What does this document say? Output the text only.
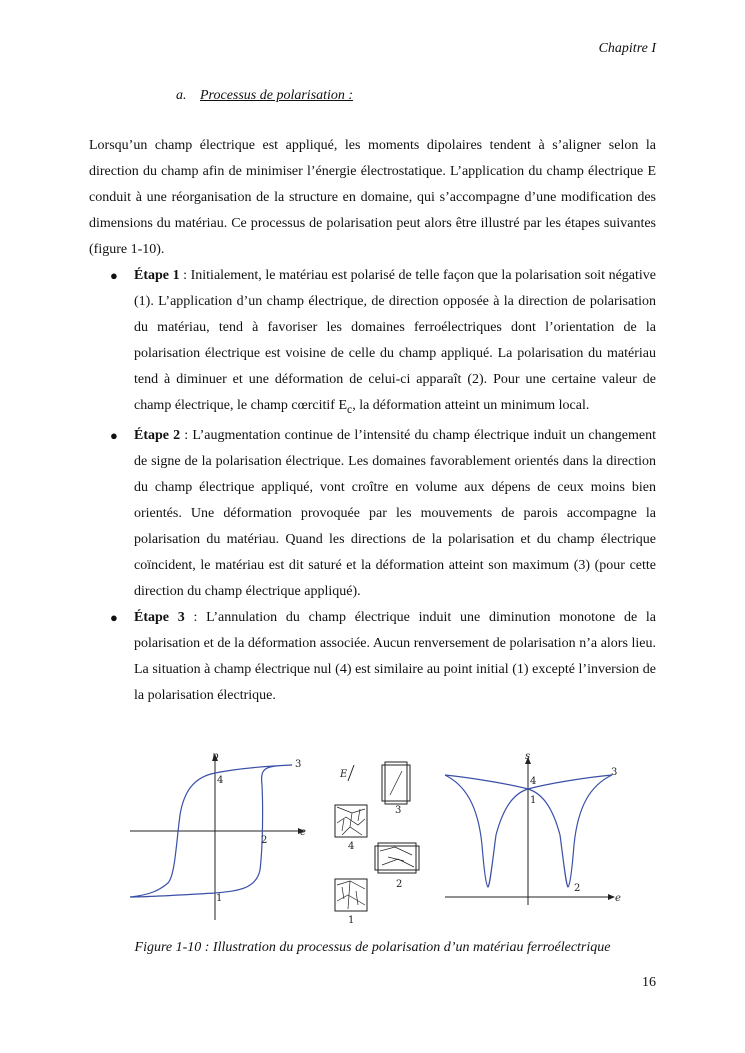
Chapitre I
a. Processus de polarisation :

Lorsqu’un champ électrique est appliqué, les moments dipolaires tendent à s’aligner selon la direction du champ afin de minimiser l’énergie électrostatique. L’application du champ électrique E conduit à une réorganisation de la structure en domaine, qui s’accompagne d’une modification des dimensions du matériau. Ce processus de polarisation peut alors être illustré par les étapes suivantes (figure 1-10).

● Étape 1 : Initialement, le matériau est polarisé de telle façon que la polarisation soit négative (1). L’application d’un champ électrique, de direction opposée à la direction de polarisation du matériau, tend à favoriser les domaines ferroélectriques dont l’orientation de la polarisation électrique est voisine de celle du champ appliqué. La polarisation du matériau tend à diminuer et une déformation de celui-ci apparaît (2). Pour une certaine valeur de champ électrique, le champ cœrcitif $E_c$, la déformation atteint un minimum local.
● Étape 2 : L’augmentation continue de l’intensité du champ électrique induit un changement de signe de la polarisation électrique. Les domaines favorablement orientés dans la direction du champ électrique appliqué, vont croître en volume aux dépens de ceux moins bien orientés. Une déformation provoquée par les mouvements de parois accompagne la polarisation du matériau. Quand les directions de la polarisation et du champ électrique coïncident, le matériau est dit saturé et la déformation atteint son maximum (3) (pour cette direction du champ électrique appliqué).
● Étape 3 : L’annulation du champ électrique induit une diminution monotone de la polarisation et de la déformation associée. Aucun renversement de polarisation n’a alors lieu. La situation à champ électrique nul (4) est similaire au point initial (1) excepté l’inversion de la polarisation électrique.
p
e
1
2
3
4
E
3
4
2
1
s
e
1
2
3
4
Figure 1-10 : Illustration du processus de polarisation d’un matériau ferroélectrique
16
